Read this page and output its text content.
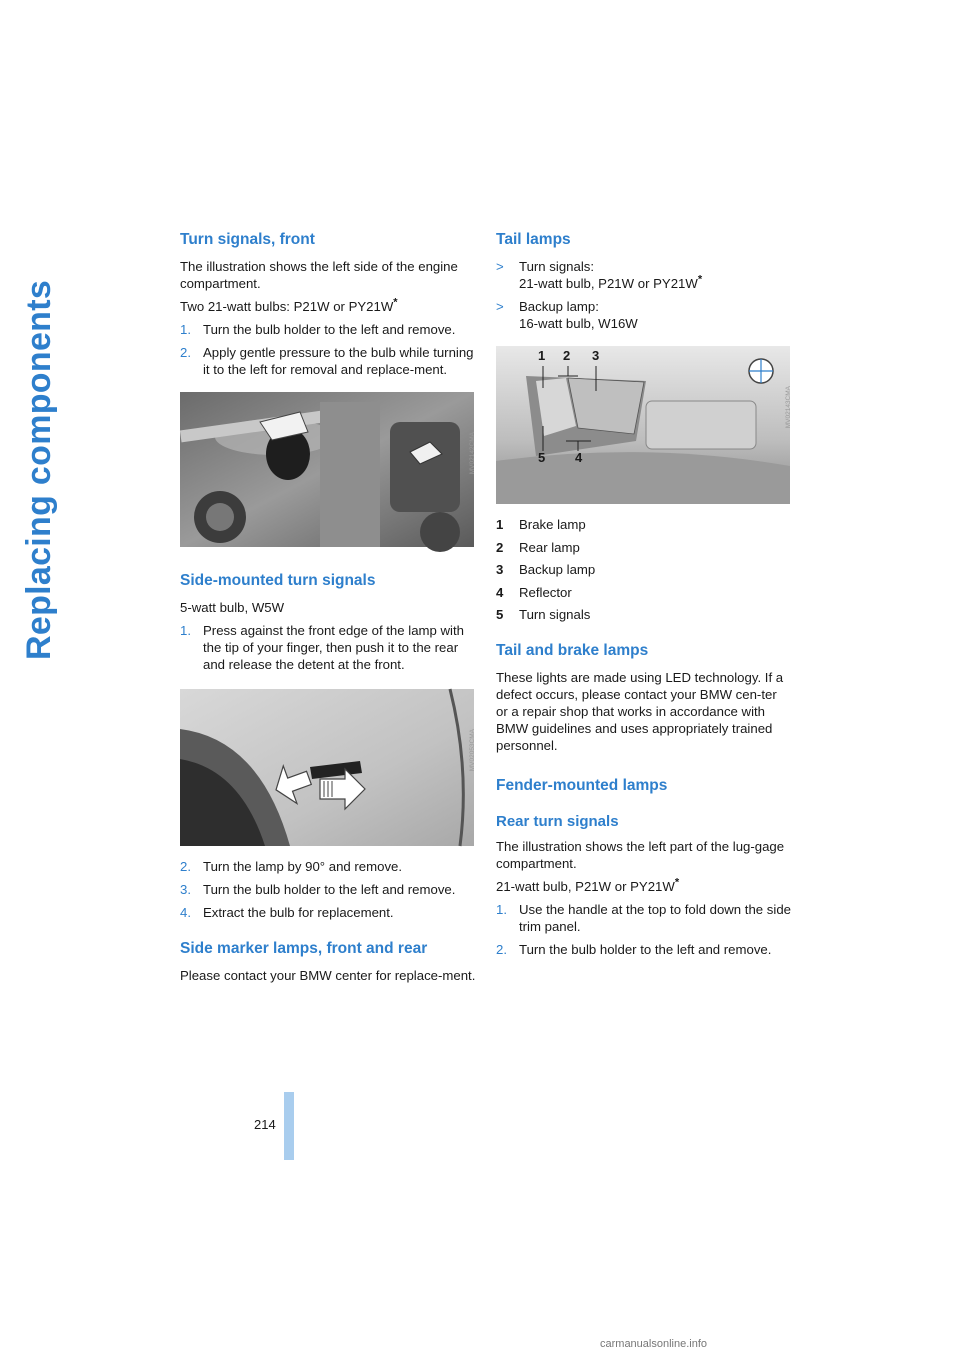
Replacing components
Turn signals, front

The illustration shows the left side of the engine compartment.

Two 21-watt bulbs: P21W or PY21W*

1. Turn the bulb holder to the left and remove.
2. Apply gentle pressure to the bulb while turning it to the left for removal and replace-ment.
MV02142CMA
Side-mounted turn signals

5-watt bulb, W5W

1. Press against the front edge of the lamp with the tip of your finger, then push it to the rear and release the detent at the front.
MV02053CMA
2. Turn the lamp by 90° and remove.
3. Turn the bulb holder to the left and remove.
4. Extract the bulb for replacement.
Side marker lamps, front and rear

Please contact your BMW center for replace-ment.

Tail lamps
> Turn signals:
21-watt bulb, P21W or PY21W*
> Backup lamp:
16-watt bulb, W16W
1 2 3
5 4
MV02143CMA
1 Brake lamp
2 Rear lamp
3 Backup lamp
4 Reflector
5 Turn signals
Tail and brake lamps

These lights are made using LED technology. If a defect occurs, please contact your BMW cen-ter or a repair shop that works in accordance with BMW guidelines and uses appropriately trained personnel.

Fender-mounted lamps
Rear turn signals

The illustration shows the left part of the lug-gage compartment.

21-watt bulb, P21W or PY21W*

1. Use the handle at the top to fold down the side trim panel.
2. Turn the bulb holder to the left and remove.
214
carmanualsonline.info
